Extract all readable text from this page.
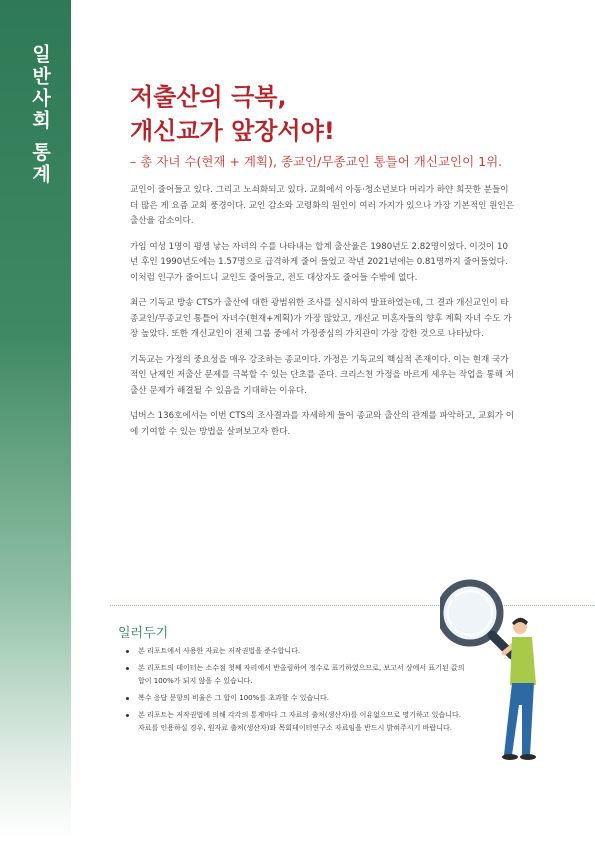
일반사회 통계	저출산의 극복,
개신교가 앞장서야!
– 총 자녀 수(현재 + 계획), 종교인/무종교인 통틀어 개신교인이 1위.

교인이 줄어들고 있다. 그리고 노쇠화되고 있다. 교회에서 아동·청소년보다 머리가 하얀 희끗한 분들이 더 많은 게 요즘 교회 풍경이다. 교인 감소와 고령화의 원인이 여러 가지가 있으나 가장 기본적인 원인은 출산율 감소이다.

가임 여성 1명이 평생 낳는 자녀의 수를 나타내는 합계 출산율은 1980년도 2.82명이었다. 이것이 10년 후인 1990년도에는 1.57명으로 급격하게 줄어 들었고 작년 2021년에는 0.81명까지 줄어들었다. 이처럼 인구가 줄어드니 교인도 줄어들고, 전도 대상자도 줄어들 수밖에 없다.

최근 기독교 방송 CTS가 출산에 대한 광범위한 조사를 실시하여 발표하였는데, 그 결과 개신교인이 타종교인/무종교인 통틀어 자녀수(현재+계획)가 가장 많았고, 개신교 미혼자들의 향후 계획 자녀 수도 가장 높았다. 또한 개신교인이 전체 그룹 중에서 가정중심의 가치관이 가장 강한 것으로 나타났다.

기독교는 가정의 중요성을 매우 강조하는 종교이다. 가정은 기독교의 핵심적 존재이다. 이는 현재 국가적인 난제인 저출산 문제를 극복할 수 있는 단초를 준다. 크리스천 가정을 바르게 세우는 작업을 통해 저출산 문제가 해결될 수 있음을 기대하는 이유다.

넘버스 136호에서는 이번 CTS의 조사결과를 자세하게 들어 종교와 출산의 관계를 파악하고, 교회가 이에 기여할 수 있는 방법을 살펴보고자 한다.

일러두기

본 리포트에서 사용한 자료는 저작권법을 준수합니다.

본 리포트의 데이터는 소수점 첫째 자리에서 반올림하여 정수로 표기하였으므로, 보고서 상에서 표기된 값의 합이 100%가 되지 않을 수 있습니다.

복수 응답 문항의 비율은 그 합이 100%를 초과할 수 있습니다.

본 리포트는 저작권법에 의해 각각의 통계마다 그 자료의 출처(생산자)를 이유없으므로 명기하고 있습니다. 자료를 인용하실 경우, 원자료 출처(생산자)와 목회데이터연구소 자료임을 반드시 밝혀주시기 바랍니다.
